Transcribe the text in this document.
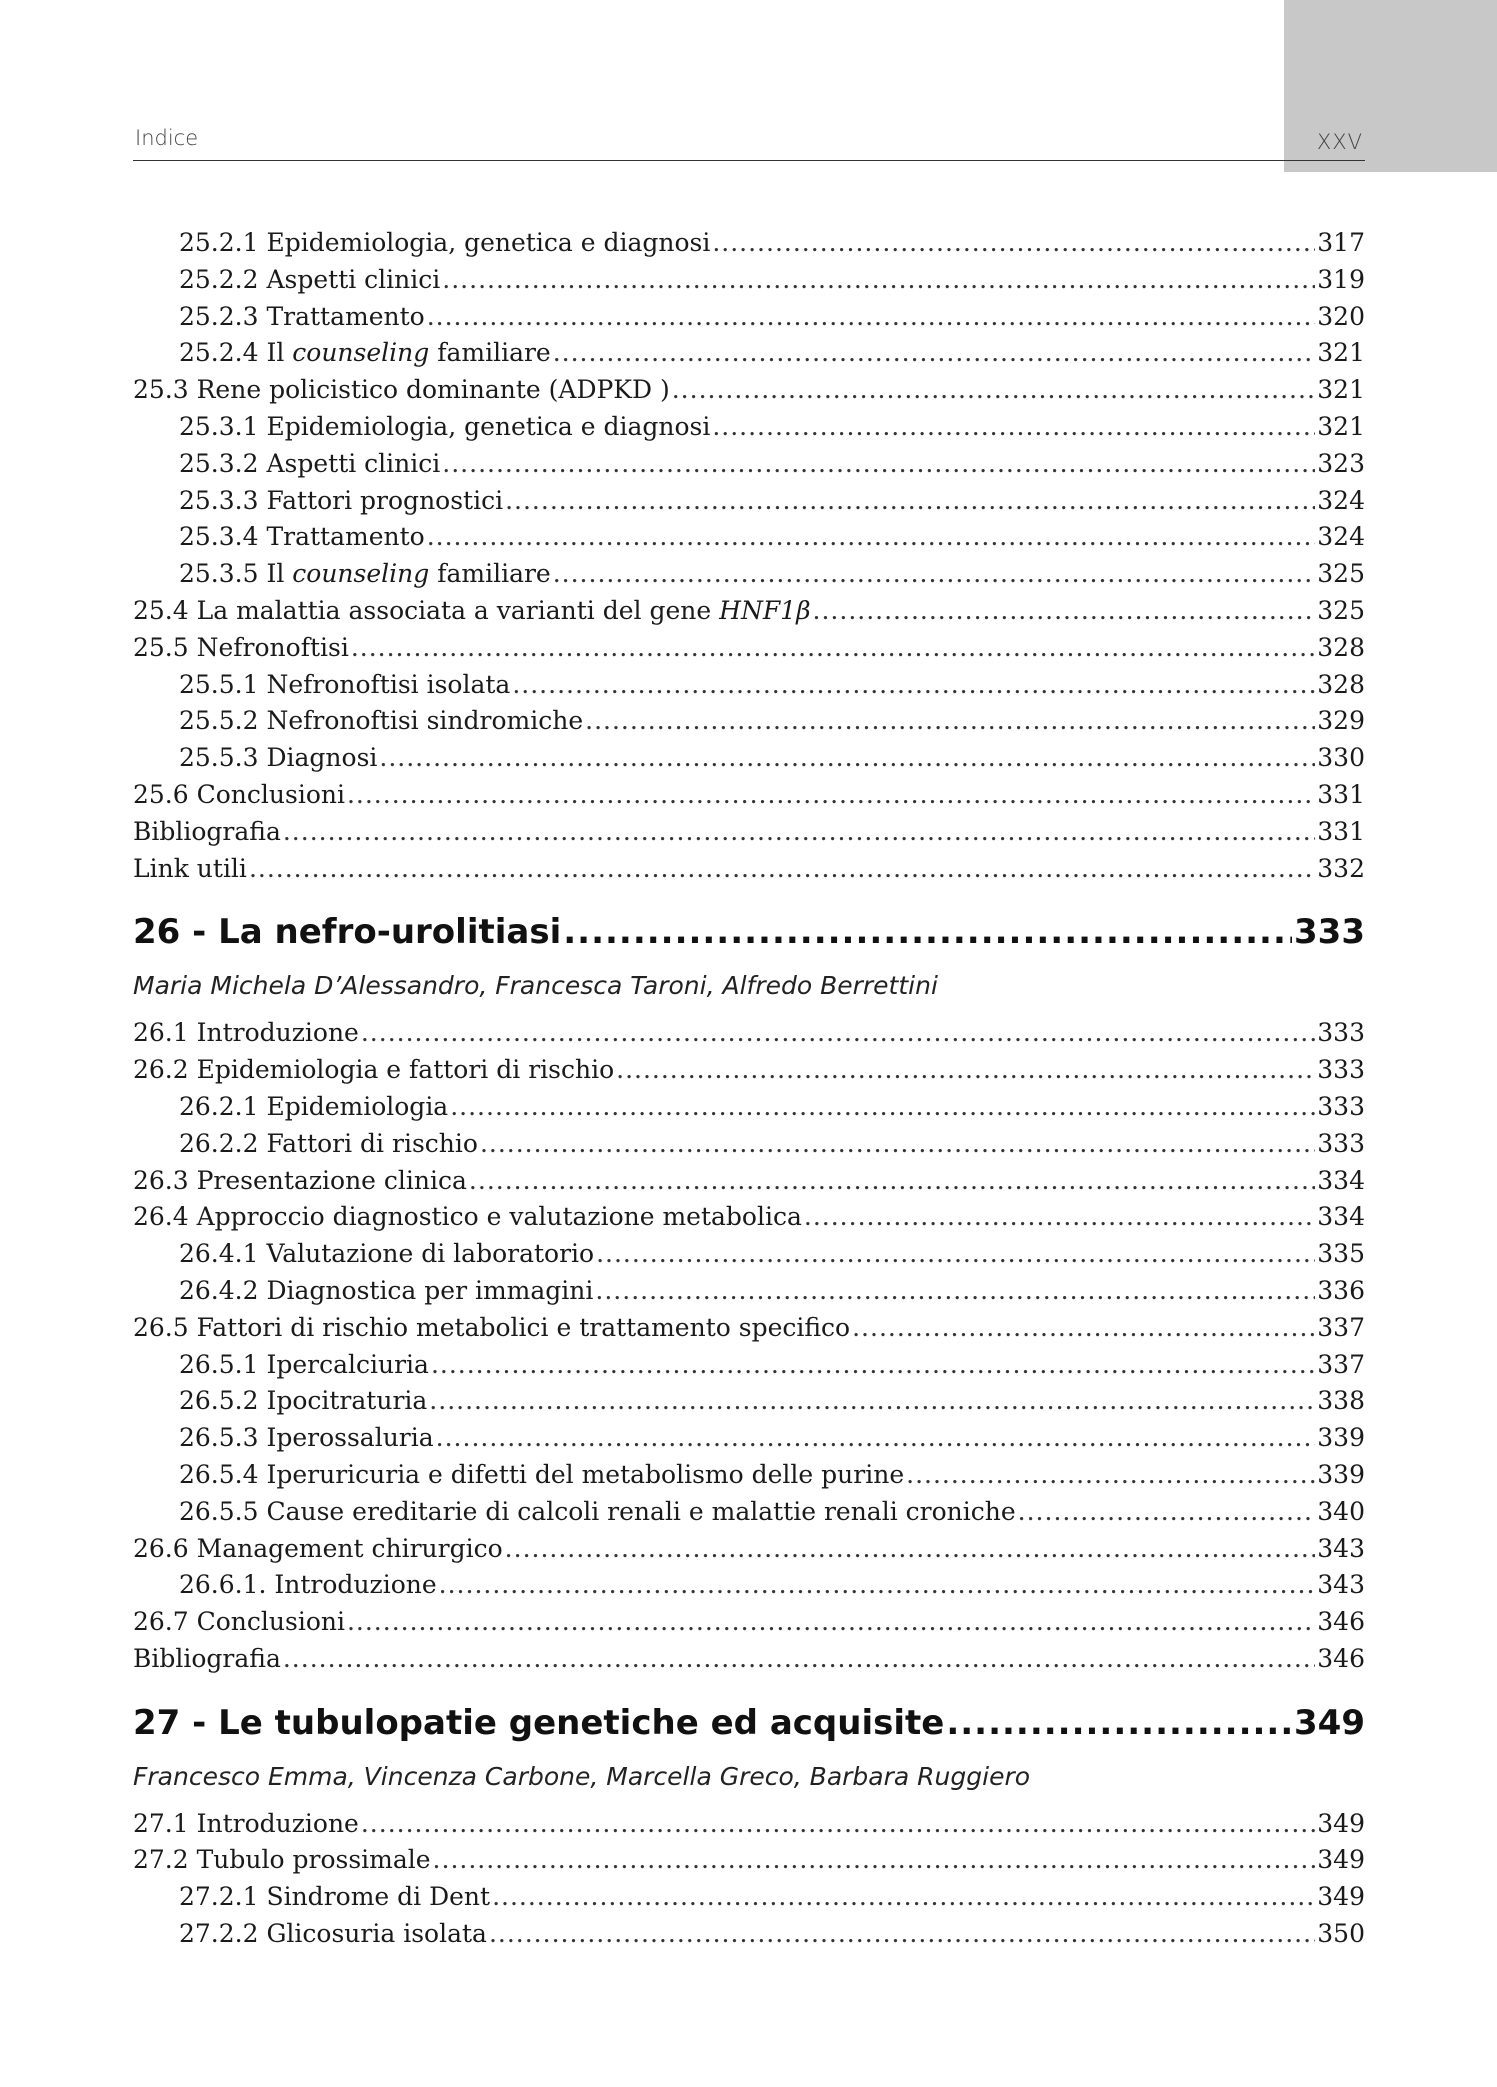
Indice	XXV
25.2.1 Epidemiologia, genetica e diagnosi .....	317
25.2.2 Aspetti clinici .....	319
25.2.3 Trattamento .....	320
25.2.4 Il counseling familiare .....	321
25.3 Rene policistico dominante (ADPKD ) .....	321
25.3.1 Epidemiologia, genetica e diagnosi .....	321
25.3.2 Aspetti clinici .....	323
25.3.3 Fattori prognostici .....	324
25.3.4 Trattamento .....	324
25.3.5 Il counseling familiare .....	325
25.4 La malattia associata a varianti del gene HNF1β .....	325
25.5 Nefronoftisi .....	328
25.5.1 Nefronoftisi isolata .....	328
25.5.2 Nefronoftisi sindromiche .....	329
25.5.3 Diagnosi .....	330
25.6 Conclusioni .....	331
Bibliografia .....	331
Link utili .....	332
26 - La nefro-urolitiasi .....	333
Maria Michela D’Alessandro, Francesca Taroni, Alfredo Berrettini
26.1 Introduzione .....	333
26.2 Epidemiologia e fattori di rischio .....	333
26.2.1 Epidemiologia .....	333
26.2.2 Fattori di rischio .....	333
26.3 Presentazione clinica .....	334
26.4 Approccio diagnostico e valutazione metabolica .....	334
26.4.1 Valutazione di laboratorio .....	335
26.4.2 Diagnostica per immagini .....	336
26.5 Fattori di rischio metabolici e trattamento specifico .....	337
26.5.1 Ipercalciuria .....	337
26.5.2 Ipocitraturia .....	338
26.5.3 Iperossaluria .....	339
26.5.4 Iperuricuria e difetti del metabolismo delle purine .....	339
26.5.5 Cause ereditarie di calcoli renali e malattie renali croniche .....	340
26.6 Management chirurgico .....	343
26.6.1. Introduzione .....	343
26.7 Conclusioni .....	346
Bibliografia .....	346
27 - Le tubulopatie genetiche ed acquisite .....	349
Francesco Emma, Vincenza Carbone, Marcella Greco, Barbara Ruggiero
27.1 Introduzione .....	349
27.2 Tubulo prossimale .....	349
27.2.1 Sindrome di Dent .....	349
27.2.2 Glicosuria isolata .....	350
